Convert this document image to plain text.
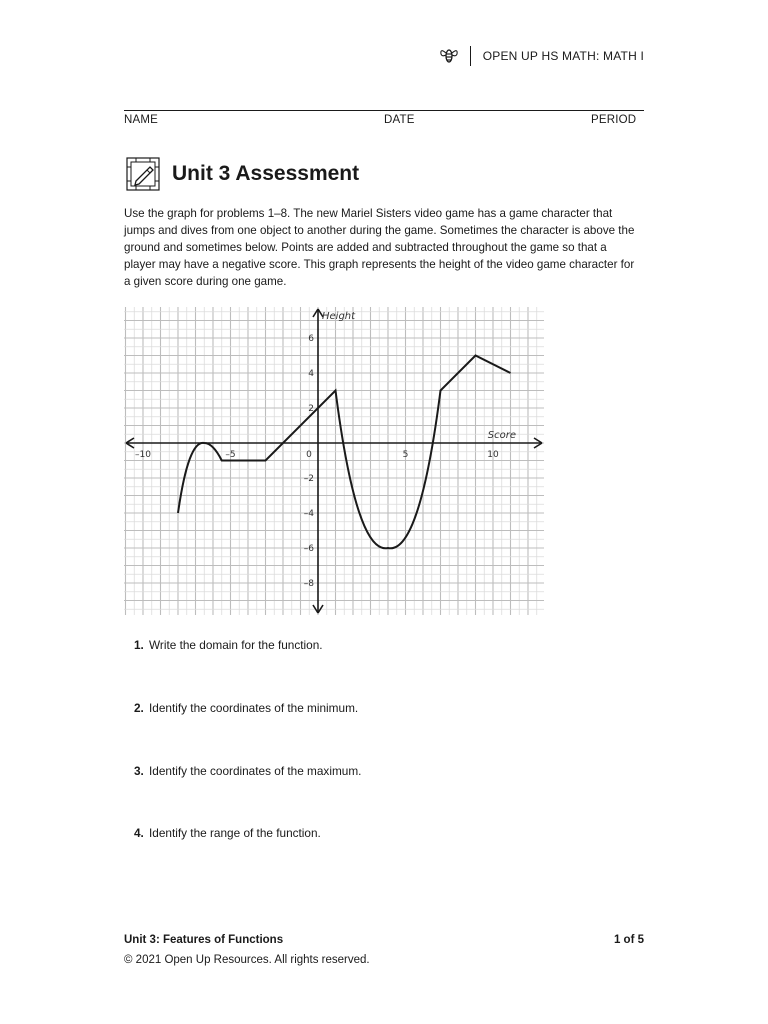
OPEN UP HS MATH: MATH I
NAME	DATE	PERIOD
Unit 3 Assessment

Use the graph for problems 1–8. The new Mariel Sisters video game has a game character that

jumps and dives from one object to another during the game. Sometimes the character is above the

ground and sometimes below. Points are added and subtracted throughout the game so that a

player may have a negative score. This graph represents the height of the video game character for

a given score during one game.

Score
Height
–10	–5	0	5	10
6
4
2
–2
–4
–6
–8
1. Write the domain for the function.
2. Identify the coordinates of the minimum.
3. Identify the coordinates of the maximum.
4. Identify the range of the function.
Unit 3: Features of Functions	1 of 5
© 2021 Open Up Resources. All rights reserved.
